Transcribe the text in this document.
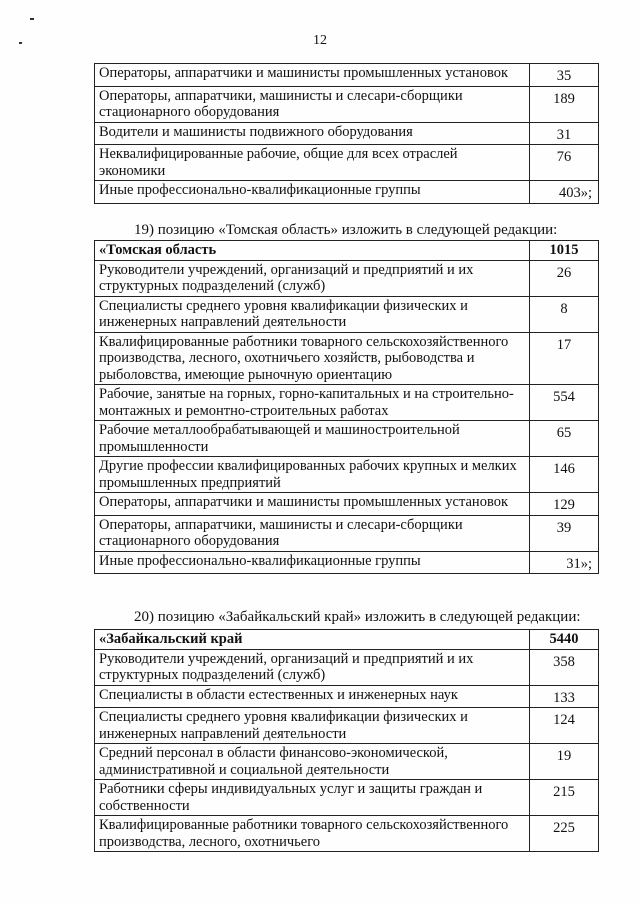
12
Операторы, аппаратчики и машинисты промышленных установок	35
Операторы, аппаратчики, машинисты и слесари-сборщики стационарного оборудования	189
Водители и машинисты подвижного оборудования	31
Неквалифицированные рабочие, общие для всех отраслей экономики	76
Иные профессионально-квалификационные группы	403»;
19) позицию «Томская область» изложить в следующей редакции:
«Томская область	1015
Руководители учреждений, организаций и предприятий и их структурных подразделений (служб)	26
Специалисты среднего уровня квалификации физических и инженерных направлений деятельности	8
Квалифицированные работники товарного сельскохозяйственного производства, лесного, охотничьего хозяйств, рыбоводства и рыболовства, имеющие рыночную ориентацию	17
Рабочие, занятые на горных, горно-капитальных и на строительно-монтажных и ремонтно-строительных работах	554
Рабочие металлообрабатывающей и машиностроительной промышленности	65
Другие профессии квалифицированных рабочих крупных и мелких промышленных предприятий	146
Операторы, аппаратчики и машинисты промышленных установок	129
Операторы, аппаратчики, машинисты и слесари-сборщики стационарного оборудования	39
Иные профессионально-квалификационные группы	31»;
20) позицию «Забайкальский край» изложить в следующей редакции:
«Забайкальский край	5440
Руководители учреждений, организаций и предприятий и их структурных подразделений (служб)	358
Специалисты в области естественных и инженерных наук	133
Специалисты среднего уровня квалификации физических и инженерных направлений деятельности	124
Средний персонал в области финансово-экономической, административной и социальной деятельности	19
Работники сферы индивидуальных услуг и защиты граждан и собственности	215
Квалифицированные работники товарного сельскохозяйственного производства, лесного, охотничьего	225
